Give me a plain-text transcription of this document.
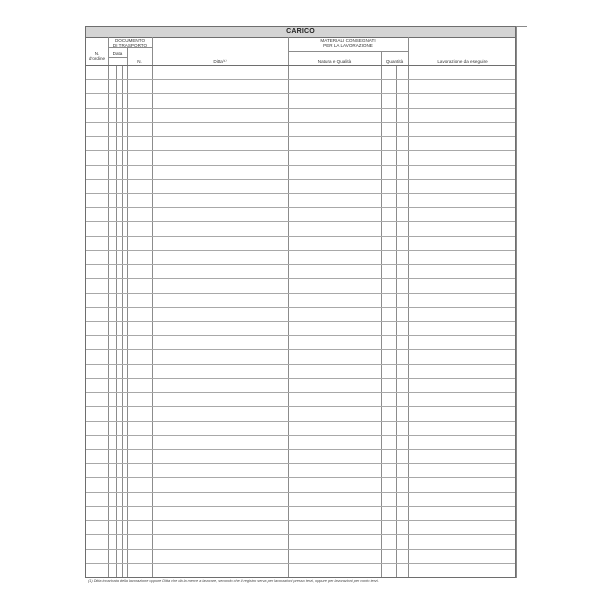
CARICO
N.
d'ordine
DOCUMENTO
DI TRASPORTO
Data
N.	Ditta⁽¹⁾
MATERIALI CONSEGNATI
PER LA LAVORAZIONE
Natura e Qualità	Quantità	Lavorazione da eseguire
(1) Ditta incaricata della lavorazione oppure Ditta che dà la merce a lavorare, secondo che il registro serva per lavorazioni presso terzi, oppure per lavorazioni per conto terzi.
